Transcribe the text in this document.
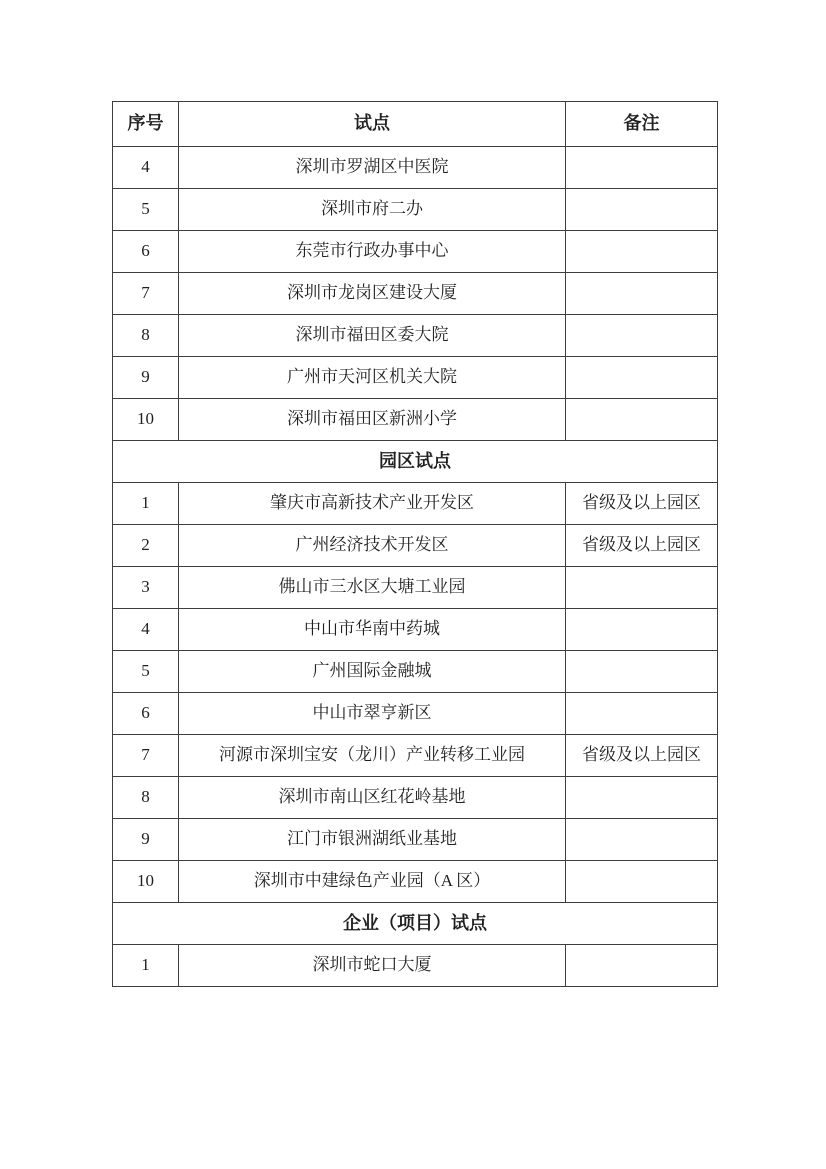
序号	试点	备注
4	深圳市罗湖区中医院	
5	深圳市府二办	
6	东莞市行政办事中心	
7	深圳市龙岗区建设大厦	
8	深圳市福田区委大院	
9	广州市天河区机关大院	
10	深圳市福田区新洲小学	
园区试点		
1	肇庆市高新技术产业开发区	省级及以上园区
2	广州经济技术开发区	省级及以上园区
3	佛山市三水区大塘工业园	
4	中山市华南中药城	
5	广州国际金融城	
6	中山市翠亨新区	
7	河源市深圳宝安（龙川）产业转移工业园	省级及以上园区
8	深圳市南山区红花岭基地	
9	江门市银洲湖纸业基地	
10	深圳市中建绿色产业园（A 区）	
企业（项目）试点		
1	深圳市蛇口大厦	
